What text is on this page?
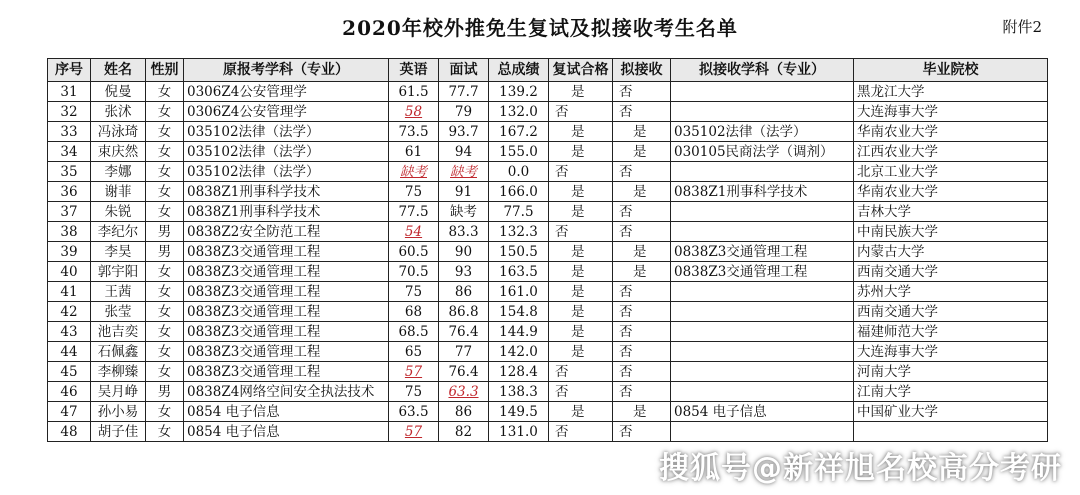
2020年校外推免生复试及拟接收考生名单	附件2
序号	姓名	性别	原报考学科（专业）	英语	面试	总成绩	复试合格	拟接收	拟接收学科（专业）	毕业院校
31	倪曼	女	0306Z4公安管理学	61.5	77.7	139.2	是	否		黑龙江大学
32	张沭	女	0306Z4公安管理学	58	79	132.0	否	否		大连海事大学
33	冯泳琦	女	035102法律（法学）	73.5	93.7	167.2	是	是	035102法律（法学）	华南农业大学
34	束庆然	女	035102法律（法学）	61	94	155.0	是	是	030105民商法学（调剂）	江西农业大学
35	李娜	女	035102法律（法学）	缺考	缺考	0.0	否	否		北京工业大学
36	谢菲	女	0838Z1刑事科学技术	75	91	166.0	是	是	0838Z1刑事科学技术	华南农业大学
37	朱锐	女	0838Z1刑事科学技术	77.5	缺考	77.5	是	否		吉林大学
38	李纪尔	男	0838Z2安全防范工程	54	83.3	132.3	否	否		中南民族大学
39	李昊	男	0838Z3交通管理工程	60.5	90	150.5	是	是	0838Z3交通管理工程	内蒙古大学
40	郭宇阳	女	0838Z3交通管理工程	70.5	93	163.5	是	是	0838Z3交通管理工程	西南交通大学
41	王茜	女	0838Z3交通管理工程	75	86	161.0	是	否		苏州大学
42	张莹	女	0838Z3交通管理工程	68	86.8	154.8	是	否		西南交通大学
43	池吉奕	女	0838Z3交通管理工程	68.5	76.4	144.9	是	否		福建师范大学
44	石佩鑫	女	0838Z3交通管理工程	65	77	142.0	是	否		大连海事大学
45	李柳臻	女	0838Z3交通管理工程	57	76.4	128.4	否	否		河南大学
46	吴月峥	男	0838Z4网络空间安全执法技术	75	63.3	138.3	否	否		江南大学
47	孙小易	女	0854 电子信息	63.5	86	149.5	是	是	0854 电子信息	中国矿业大学
48	胡子佳	女	0854 电子信息	57	82	131.0	否	否		
搜狐号@新祥旭名校高分考研
